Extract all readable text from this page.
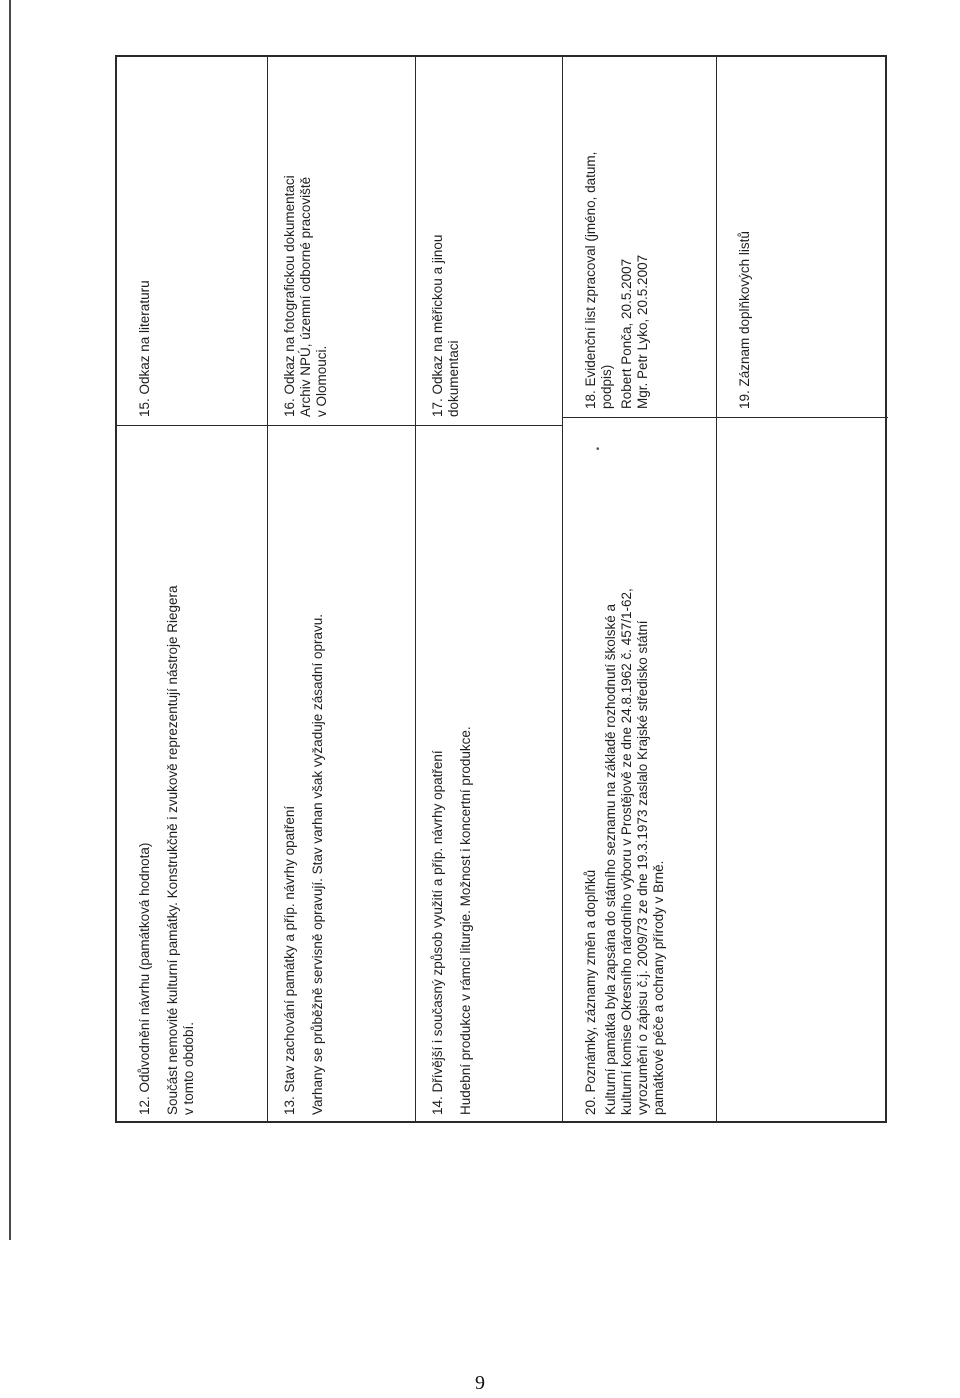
12. Odůvodnění návrhu (památková hodnota) Součást nemovité kulturní památky. Konstrukčně i zvukově reprezentují nástroje Riegera v tomto období.
15. Odkaz na literaturu
13. Stav zachování památky a příp. návrhy opatření Varhany se průběžně servisně opravují. Stav varhan však vyžaduje zásadní opravu.
16. Odkaz na fotografickou dokumentaci Archiv NPÚ, územní odborné pracoviště v Olomouci.
14. Dřívější i současný způsob využití a příp. návrhy opatření Hudební produkce v rámci liturgie. Možnost i koncertní produkce.
17. Odkaz na měřickou a jinou dokumentaci
20. Poznámky, záznamy změn a doplňků Kulturní památka byla zapsána do státního seznamu na základě rozhodnutí školské a kulturní komise Okresního národního výboru v Prostějově ze dne 24.8.1962 č. 457/1-62, vyrozumění o zápisu č.j. 2009/73 ze dne 19.3.1973 zaslalo Krajské středisko státní památkové péče a ochrany přírody v Brně.
18. Evidenční list zpracoval (jméno, datum, podpis) Robert Ponča, 20.5.2007 Mgr. Petr Lyko, 20.5.2007	19. Záznam doplňkových listů
•
9
